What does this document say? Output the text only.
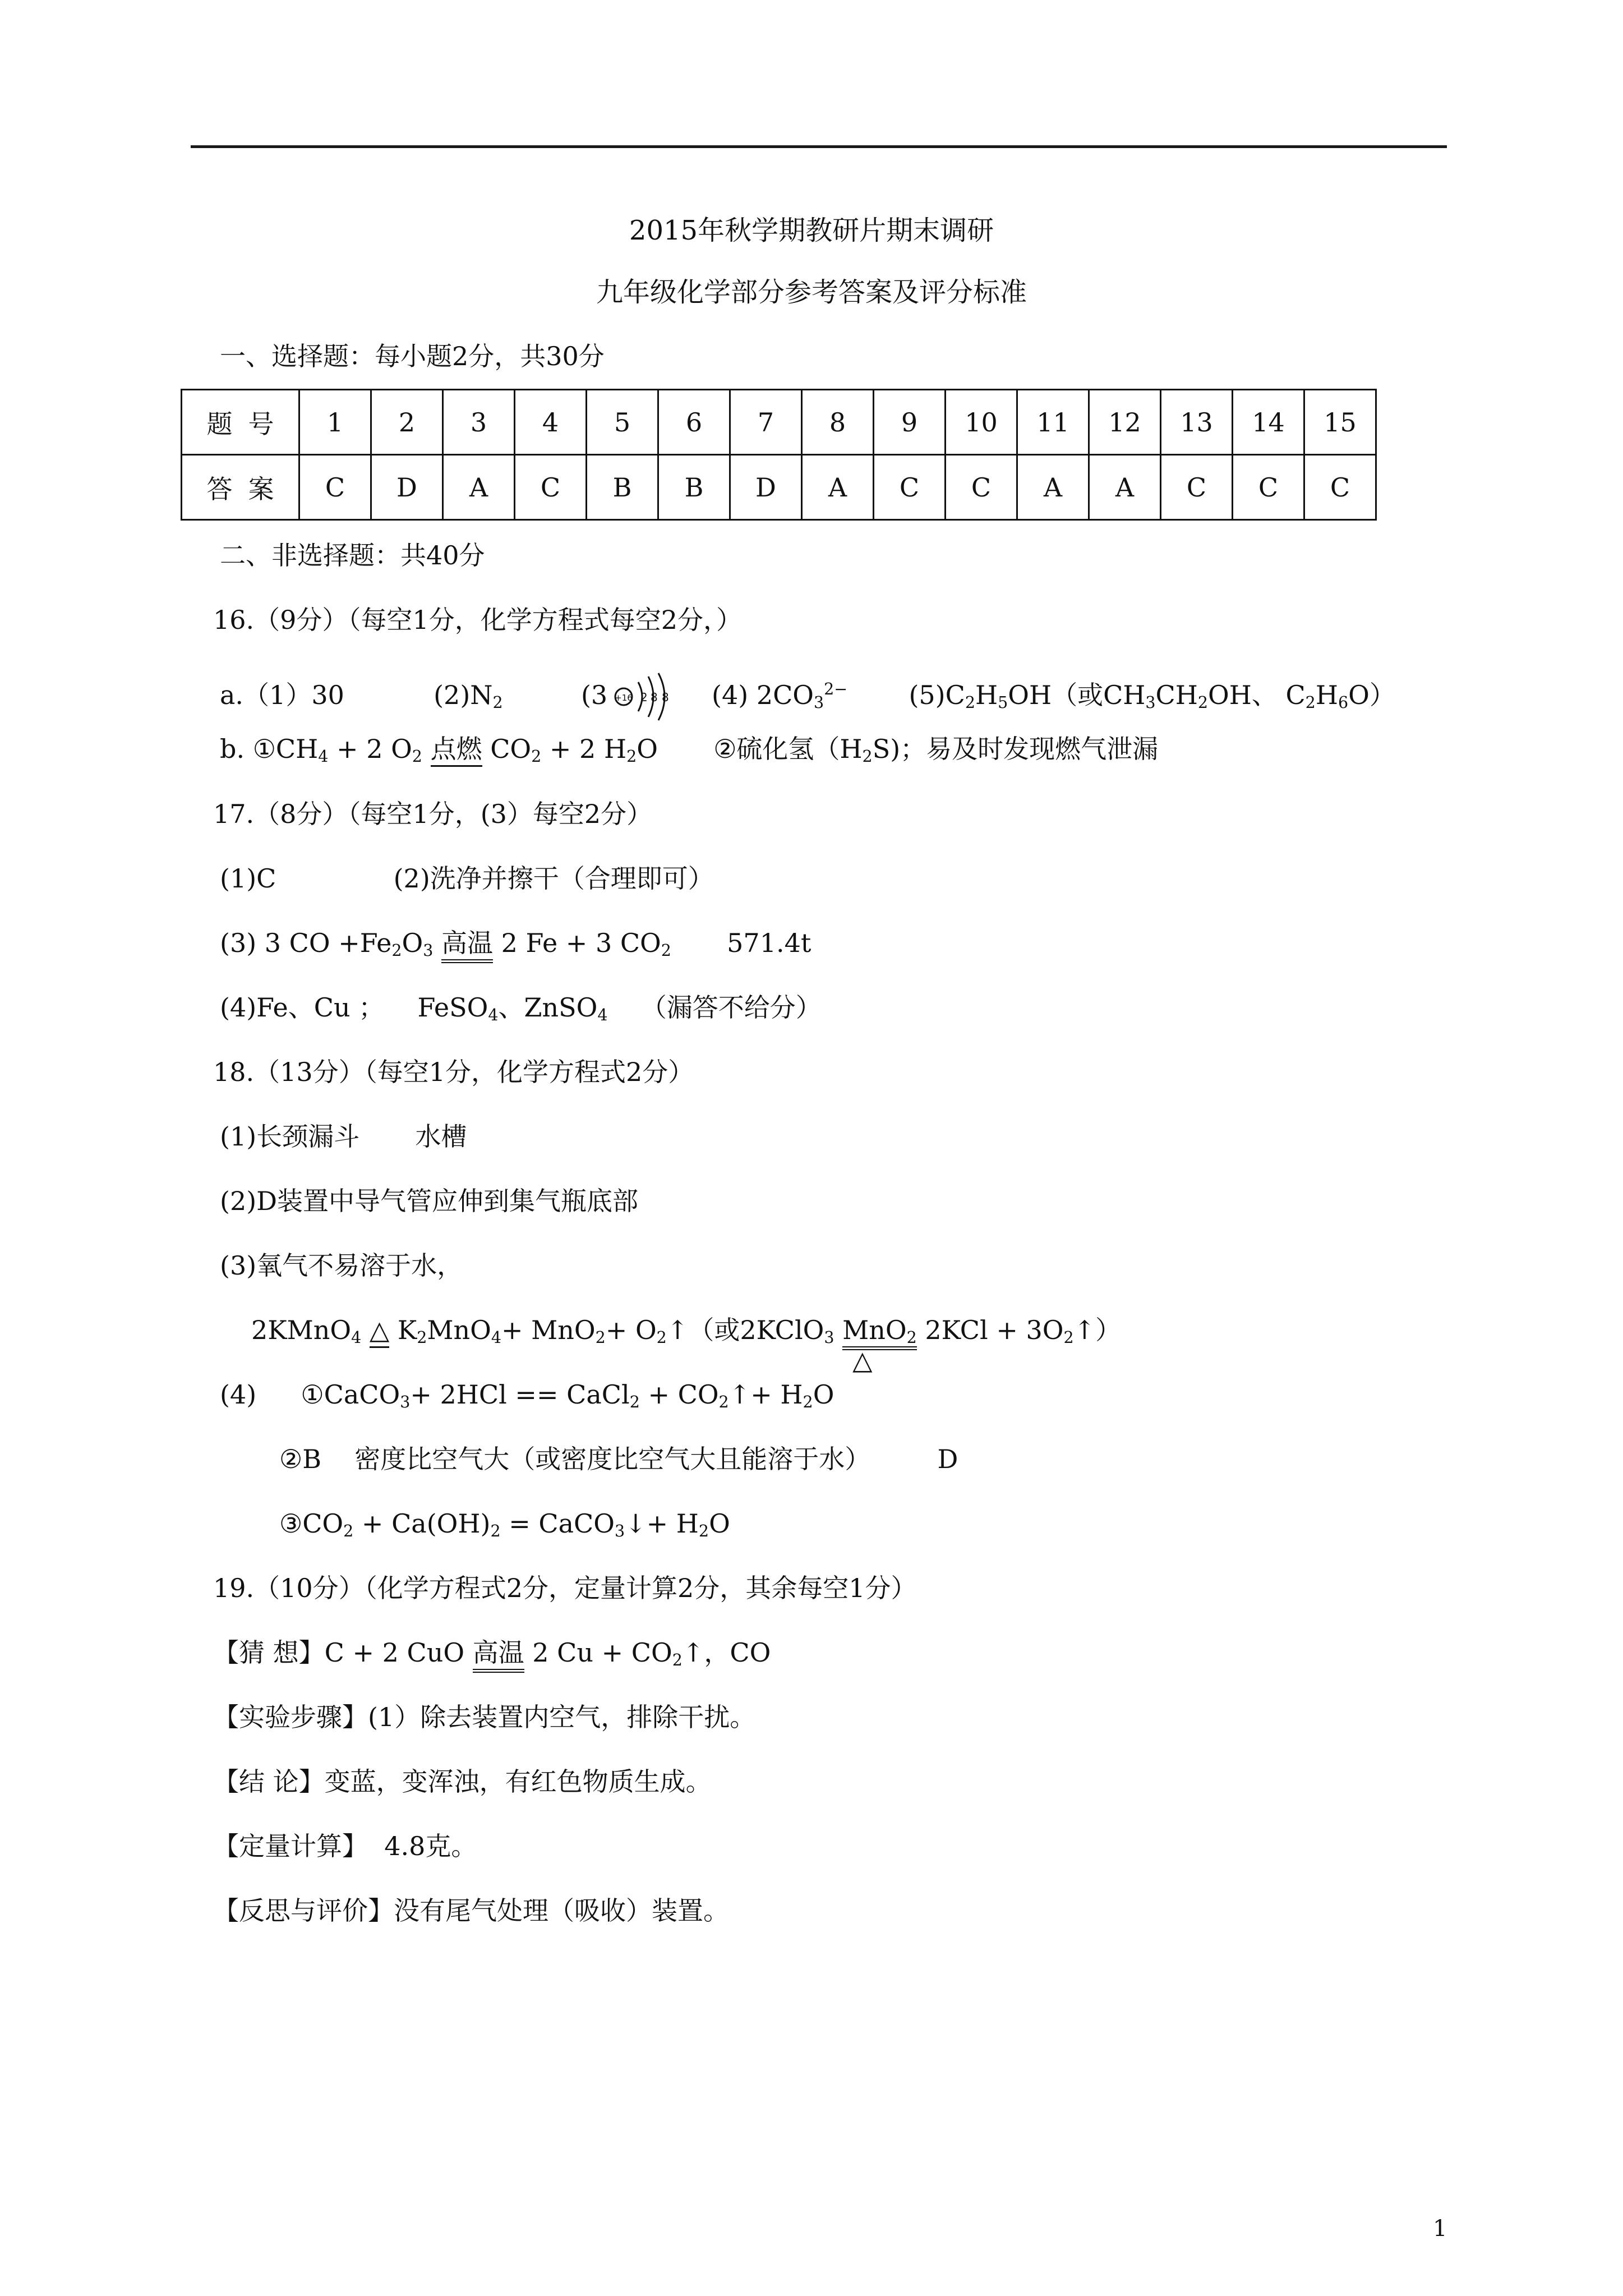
2015年秋学期教研片期末调研
九年级化学部分参考答案及评分标准
一、选择题：每小题2分，共30分
题号	1	2	3	4	5	6	7	8	9	10	11	12	13	14	15
答案	C	D	A	C	B	B	D	A	C	C	A	A	C	C	C
二、非选择题：共40分
16.（9分）（每空1分，化学方程式每空2分，）
a.（1）30	$(2)N_2$	(3 +16 2 8 8 (4) $2CO_3^{2-}$ $(5)C_2H_5OH$（或$CH_3CH_2OH$、 $C_2H_6O$）
b. $①CH_4 + 2$ $O_2$ 点燃 $CO_2 + 2$ $H_2O$ ②硫化氢$(H_2S)$；易及时发现燃气泄漏
17.（8分）（每空1分，(3）每空2分）
(1)C	(2)洗净并擦干（合理即可）
(3) 3 CO $+Fe_2O_3$ 高温 2 Fe + 3 $CO_2$ 571.4t
(4)Fe、Cu ； FeSO$_4$、ZnSO$_4$ （漏答不给分）
18.（13分）（每空1分，化学方程式2分）
(1)长颈漏斗 水槽
(2)D装置中导气管应伸到集气瓶底部
(3)氧气不易溶于水，
2KMnO$_4$ △ $K_2MnO_4+ MnO_2+$ $O_2↑$（或2KClO$_3$ MnO$_2$
△
$2KCl + 3O_2↑$）
(4) ①CaCO$_3$+ 2HCl == CaCl$_2$ + $CO_2↑+ H_2O$
②B 密度比空气大（或密度比空气大且能溶于水）	D
$③CO_2 + Ca(OH)_2$ = CaCO$_3$↓+ $H_2O$
19.（10分）（化学方程式2分，定量计算2分，其余每空1分）
【猜 想】C + 2 CuO 高温 2 $Cu + CO_2↑$，CO
【实验步骤】(1）除去装置内空气，排除干扰。
【结 论】变蓝，变浑浊，有红色物质生成。
【定量计算】 4.8克。
【反思与评价】没有尾气处理（吸收）装置。
1
